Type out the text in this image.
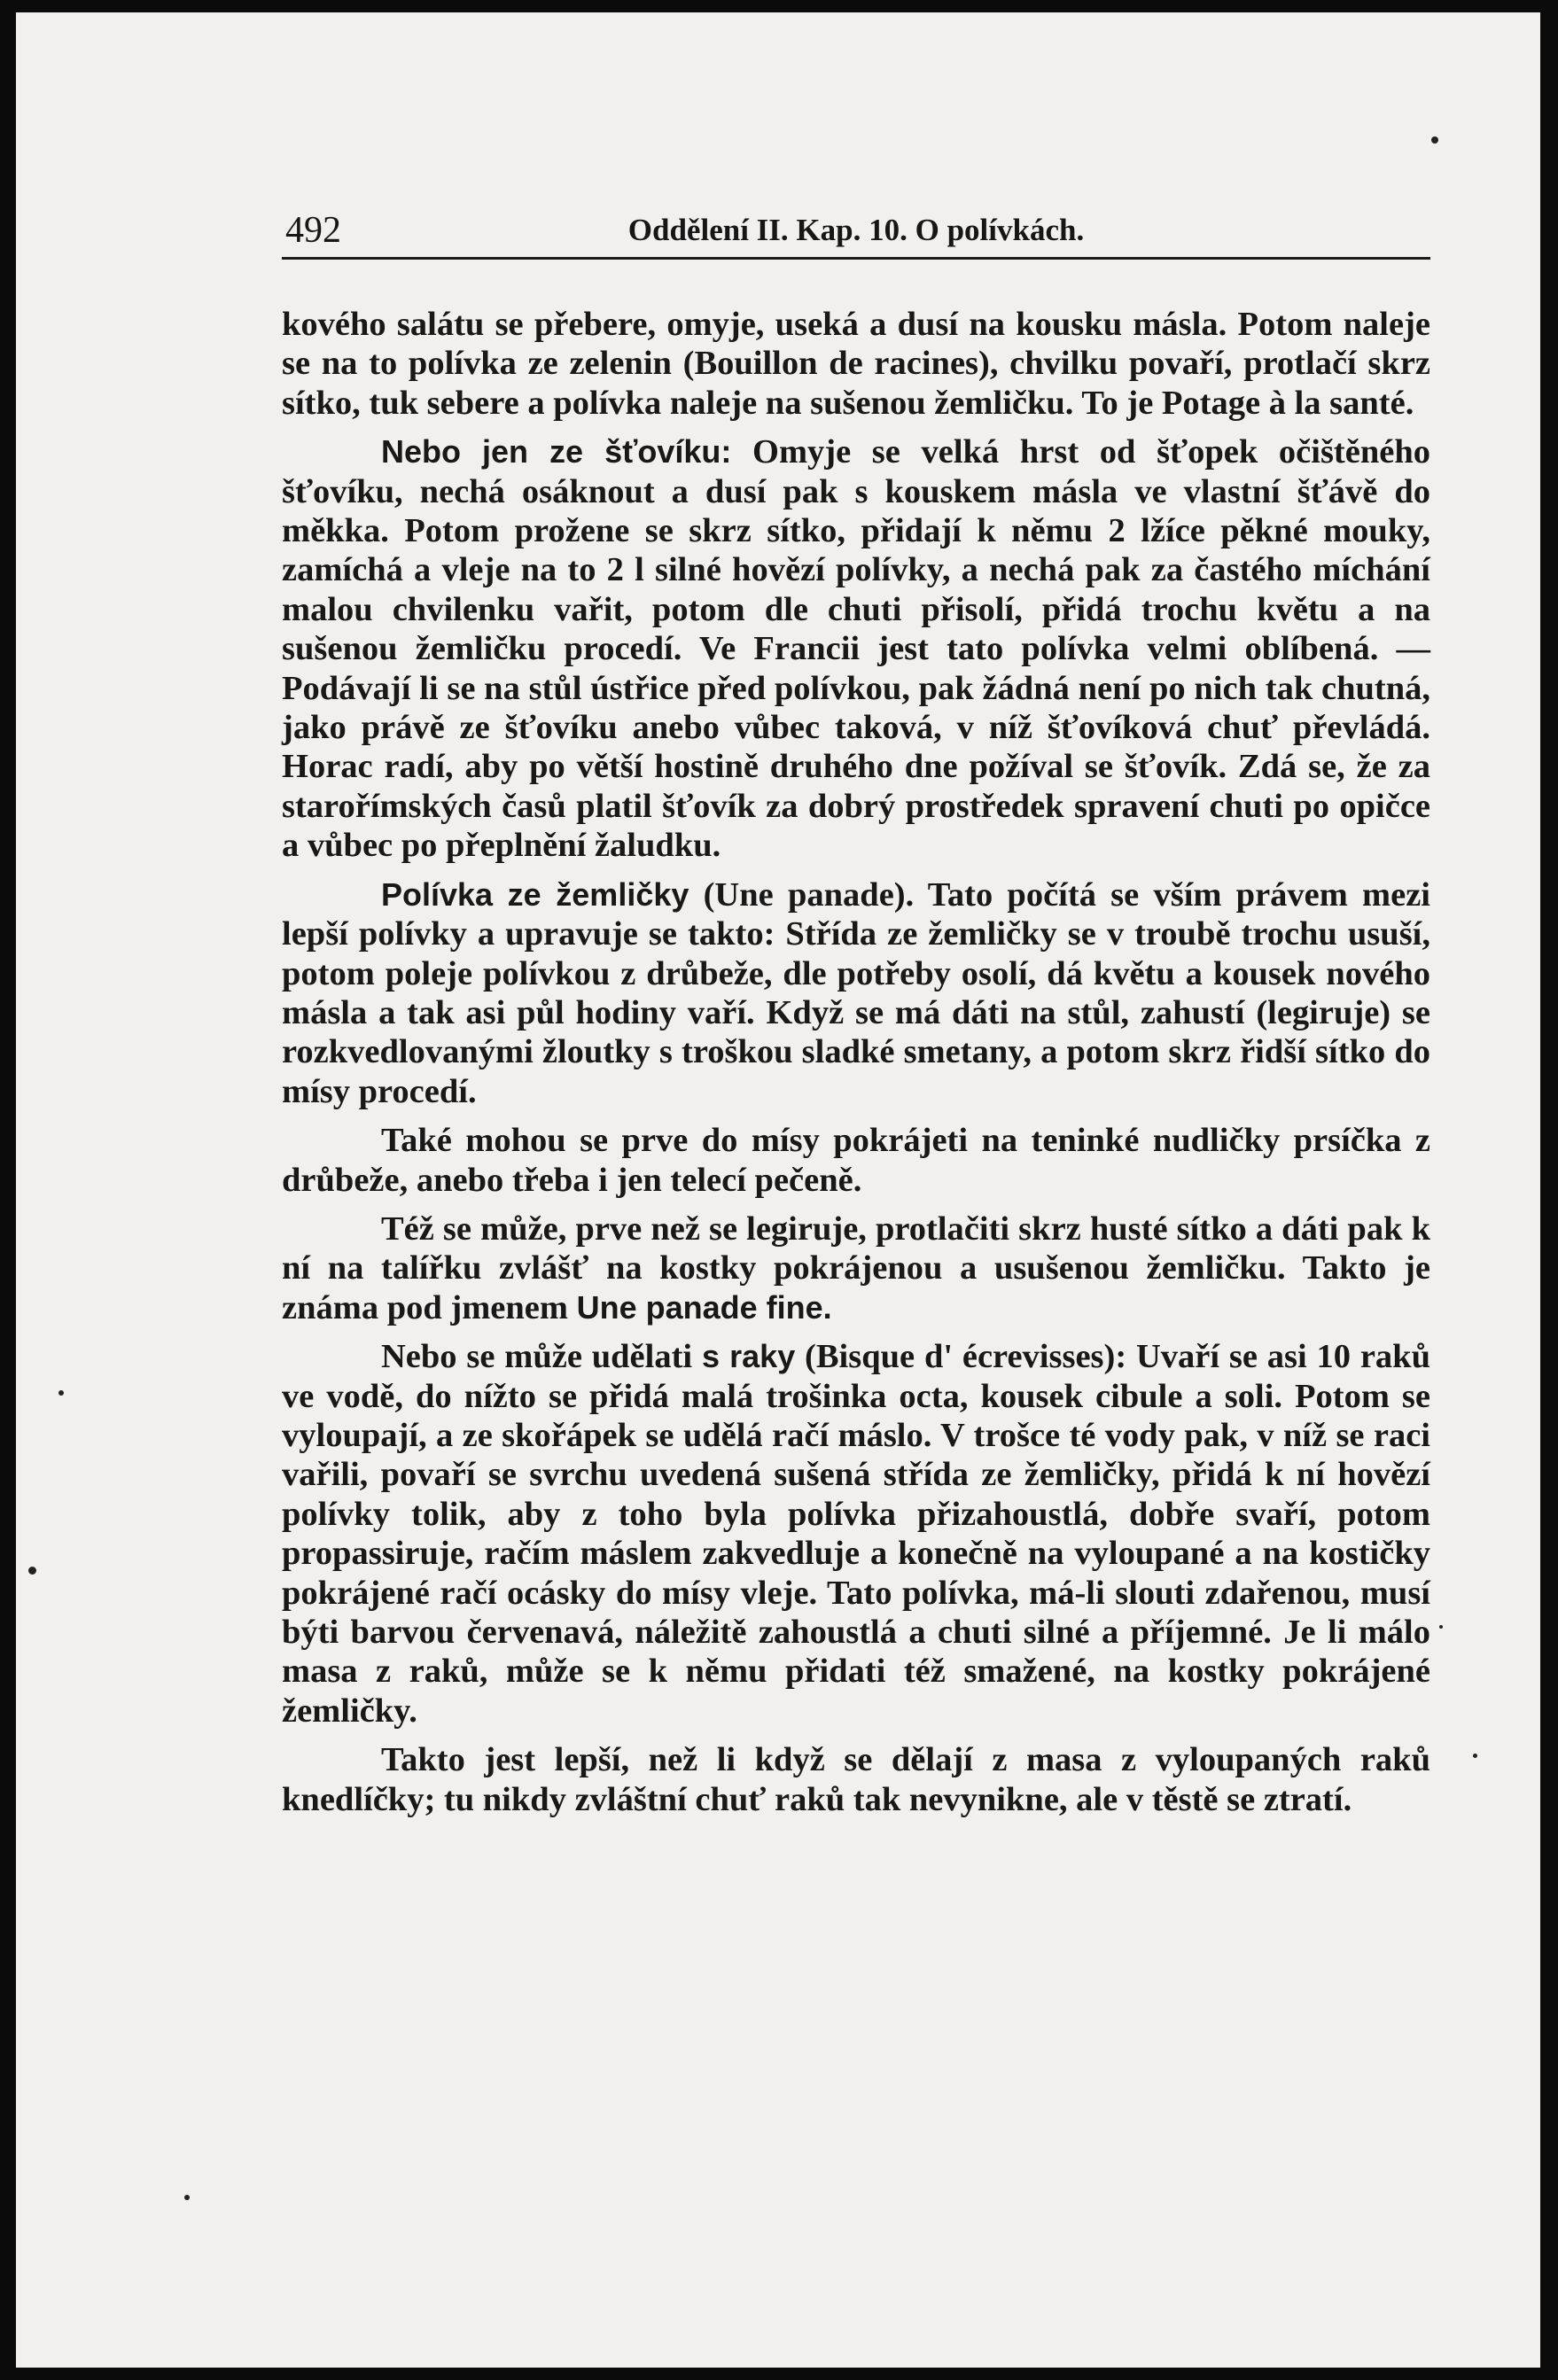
492	Oddělení II. Kap. 10. O polívkách.

kového salátu se přebere, omyje, useká a dusí na kousku másla. Potom naleje se na to polívka ze zelenin (Bouillon de racines), chvilku povaří, protlačí skrz sítko, tuk sebere a polívka naleje na sušenou žemličku. To je Potage à la santé.

Nebo jen ze šťovíku: Omyje se velká hrst od šťopek očištěného šťovíku, nechá osáknout a dusí pak s kouskem másla ve vlastní šťávě do měkka. Potom prožene se skrz sítko, přidají k němu 2 lžíce pěkné mouky, zamíchá a vleje na to 2 l silné hovězí polívky, a nechá pak za častého míchání malou chvilenku vařit, potom dle chuti přisolí, přidá trochu květu a na sušenou žemličku procedí. Ve Francii jest tato polívka velmi oblíbená. — Podávají li se na stůl ústřice před polívkou, pak žádná není po nich tak chutná, jako právě ze šťovíku anebo vůbec taková, v níž šťovíková chuť převládá. Horac radí, aby po větší hostině druhého dne požíval se šťovík. Zdá se, že za starořímských časů platil šťovík za dobrý prostředek spravení chuti po opičce a vůbec po přeplnění žaludku.

Polívka ze žemličky (Une panade). Tato počítá se vším právem mezi lepší polívky a upravuje se takto: Střída ze žemličky se v troubě trochu usuší, potom poleje polívkou z drůbeže, dle potřeby osolí, dá květu a kousek nového másla a tak asi půl hodiny vaří. Když se má dáti na stůl, zahustí (legiruje) se rozkvedlovanými žloutky s troškou sladké smetany, a potom skrz řidší sítko do mísy procedí.

Také mohou se prve do mísy pokrájeti na teninké nudličky prsíčka z drůbeže, anebo třeba i jen telecí pečeně.

Též se může, prve než se legiruje, protlačiti skrz husté sítko a dáti pak k ní na talířku zvlášť na kostky pokrájenou a usušenou žemličku. Takto je známa pod jmenem Une panade fine.

Nebo se může udělati s raky (Bisque d' écrevisses): Uvaří se asi 10 raků ve vodě, do nížto se přidá malá trošinka octa, kousek cibule a soli. Potom se vyloupají, a ze skořápek se udělá račí máslo. V trošce té vody pak, v níž se raci vařili, povaří se svrchu uvedená sušená střída ze žemličky, přidá k ní hovězí polívky tolik, aby z toho byla polívka přizahoustlá, dobře svaří, potom propassiruje, račím máslem zakvedluje a konečně na vyloupané a na kostičky pokrájené račí ocásky do mísy vleje. Tato polívka, má-li slouti zdařenou, musí býti barvou červenavá, náležitě zahoustlá a chuti silné a příjemné. Je li málo masa z raků, může se k němu přidati též smažené, na kostky pokrájené žemličky.

Takto jest lepší, než li když se dělají z masa z vyloupaných raků knedlíčky; tu nikdy zvláštní chuť raků tak nevynikne, ale v těstě se ztratí.
